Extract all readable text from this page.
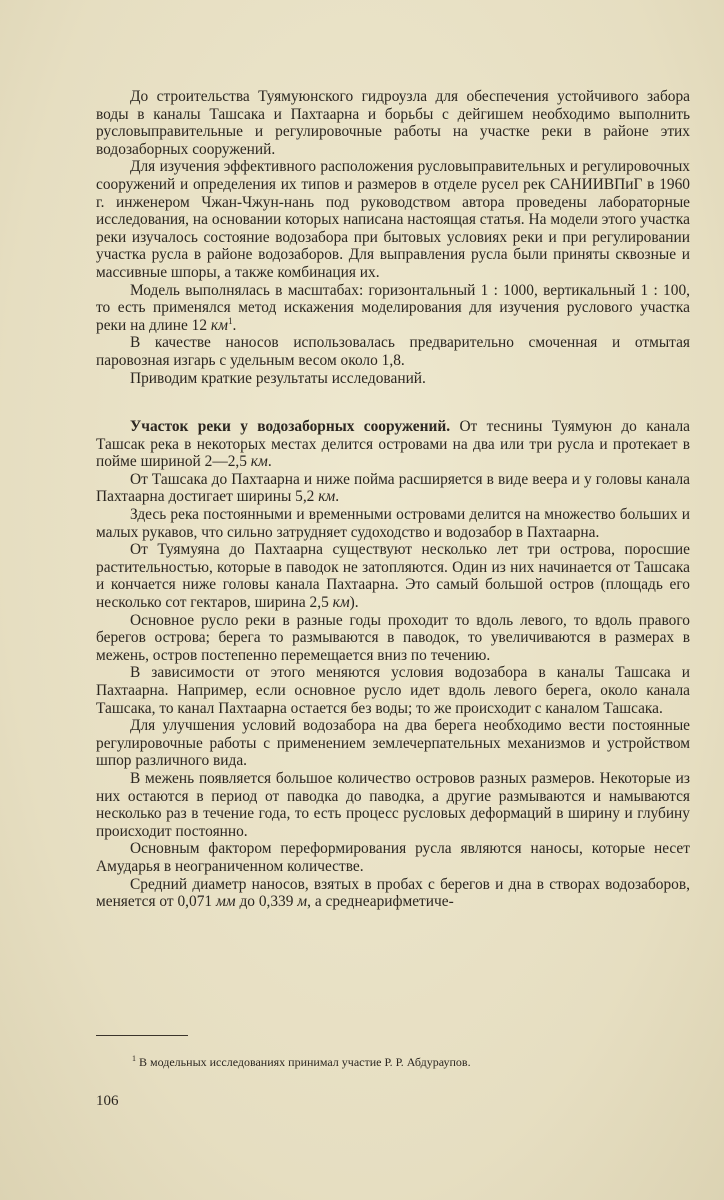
До строительства Туямуюнского гидроузла для обеспечения устойчивого забора воды в каналы Ташсака и Пахтаарна и борьбы с дейгишем необходимо выполнить русловыправительные и регулировочные работы на участке реки в районе этих водозаборных сооружений.

Для изучения эффективного расположения русловыправительных и регулировочных сооружений и определения их типов и размеров в отделе русел рек САНИИВПиГ в 1960 г. инженером Чжан-Чжун-нань под руководством автора проведены лабораторные исследования, на основании которых написана настоящая статья. На модели этого участка реки изучалось состояние водозабора при бытовых условиях реки и при регулировании участка русла в районе водозаборов. Для выправления русла были приняты сквозные и массивные шпоры, а также комбинация их.

Модель выполнялась в масштабах: горизонтальный 1 : 1000, вертикальный 1 : 100, то есть применялся метод искажения моделирования для изучения руслового участка реки на длине 12 $км^1$.

В качестве наносов использовалась предварительно смоченная и отмытая паровозная изгарь с удельным весом около 1,8.

Приводим краткие результаты исследований.

Участок реки у водозаборных сооружений. От теснины Туямуюн до канала Ташсак река в некоторых местах делится островами на два или три русла и протекает в пойме шириной 2—2,5 км.

От Ташсака до Пахтаарна и ниже пойма расширяется в виде веера и у головы канала Пахтаарна достигает ширины 5,2 км.

Здесь река постоянными и временными островами делится на множество больших и малых рукавов, что сильно затрудняет судоходство и водозабор в Пахтаарна.

От Туямуяна до Пахтаарна существуют несколько лет три острова, поросшие растительностью, которые в паводок не затопляются. Один из них начинается от Ташсака и кончается ниже головы канала Пахтаарна. Это самый большой остров (площадь его несколько сот гектаров, ширина 2,5 км).

Основное русло реки в разные годы проходит то вдоль левого, то вдоль правого берегов острова; берега то размываются в паводок, то увеличиваются в размерах в межень, остров постепенно перемещается вниз по течению.

В зависимости от этого меняются условия водозабора в каналы Ташсака и Пахтаарна. Например, если основное русло идет вдоль левого берега, около канала Ташсака, то канал Пахтаарна остается без воды; то же происходит с каналом Ташсака.

Для улучшения условий водозабора на два берега необходимо вести постоянные регулировочные работы с применением землечерпательных механизмов и устройством шпор различного вида.

В межень появляется большое количество островов разных размеров. Некоторые из них остаются в период от паводка до паводка, а другие размываются и намываются несколько раз в течение года, то есть процесс русловых деформаций в ширину и глубину происходит постоянно.

Основным фактором переформирования русла являются наносы, которые несет Амударья в неограниченном количестве.

Средний диаметр наносов, взятых в пробах с берегов и дна в створах водозаборов, меняется от 0,071 мм до 0,339 м, а среднеарифметиче-

$^1$ В модельных исследованиях принимал участие Р. Р. Абдураупов.
106
